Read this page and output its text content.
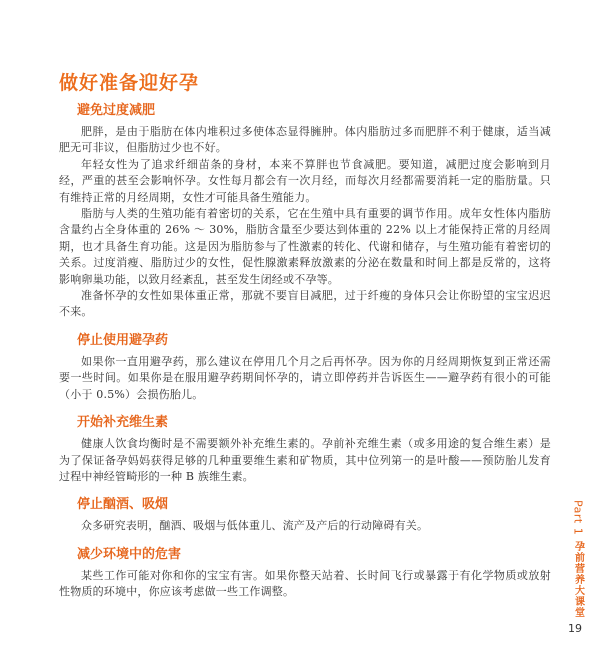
做好准备迎好孕
避免过度减肥

肥胖，是由于脂肪在体内堆积过多使体态显得臃肿。体内脂肪过多而肥胖不利于健康，适当减肥无可非议，但脂肪过少也不好。

年轻女性为了追求纤细苗条的身材，本来不算胖也节食减肥。要知道，减肥过度会影响到月经，严重的甚至会影响怀孕。女性每月都会有一次月经，而每次月经都需要消耗一定的脂肪量。只有维持正常的月经周期，女性才可能具备生殖能力。

脂肪与人类的生殖功能有着密切的关系，它在生殖中具有重要的调节作用。成年女性体内脂肪含量约占全身体重的 26% ～ 30%，脂肪含量至少要达到体重的 22% 以上才能保持正常的月经周期，也才具备生育功能。这是因为脂肪参与了性激素的转化、代谢和储存，与生殖功能有着密切的关系。过度消瘦、脂肪过少的女性，促性腺激素释放激素的分泌在数量和时间上都是反常的，这将影响卵巢功能，以致月经紊乱，甚至发生闭经或不孕等。

准备怀孕的女性如果体重正常，那就不要盲目减肥，过于纤瘦的身体只会让你盼望的宝宝迟迟不来。

停止使用避孕药

如果你一直用避孕药，那么建议在停用几个月之后再怀孕。因为你的月经周期恢复到正常还需要一些时间。如果你是在服用避孕药期间怀孕的，请立即停药并告诉医生——避孕药有很小的可能（小于 0.5%）会损伤胎儿。

开始补充维生素

健康人饮食均衡时是不需要额外补充维生素的。孕前补充维生素（或多用途的复合维生素）是为了保证备孕妈妈获得足够的几种重要维生素和矿物质，其中位列第一的是叶酸——预防胎儿发育过程中神经管畸形的一种 B 族维生素。

停止酗酒、吸烟

众多研究表明，酗酒、吸烟与低体重儿、流产及产后的行动障碍有关。

减少环境中的危害

某些工作可能对你和你的宝宝有害。如果你整天站着、长时间飞行或暴露于有化学物质或放射性物质的环境中，你应该考虑做一些工作调整。

Part 1
孕前营养大课堂
19
